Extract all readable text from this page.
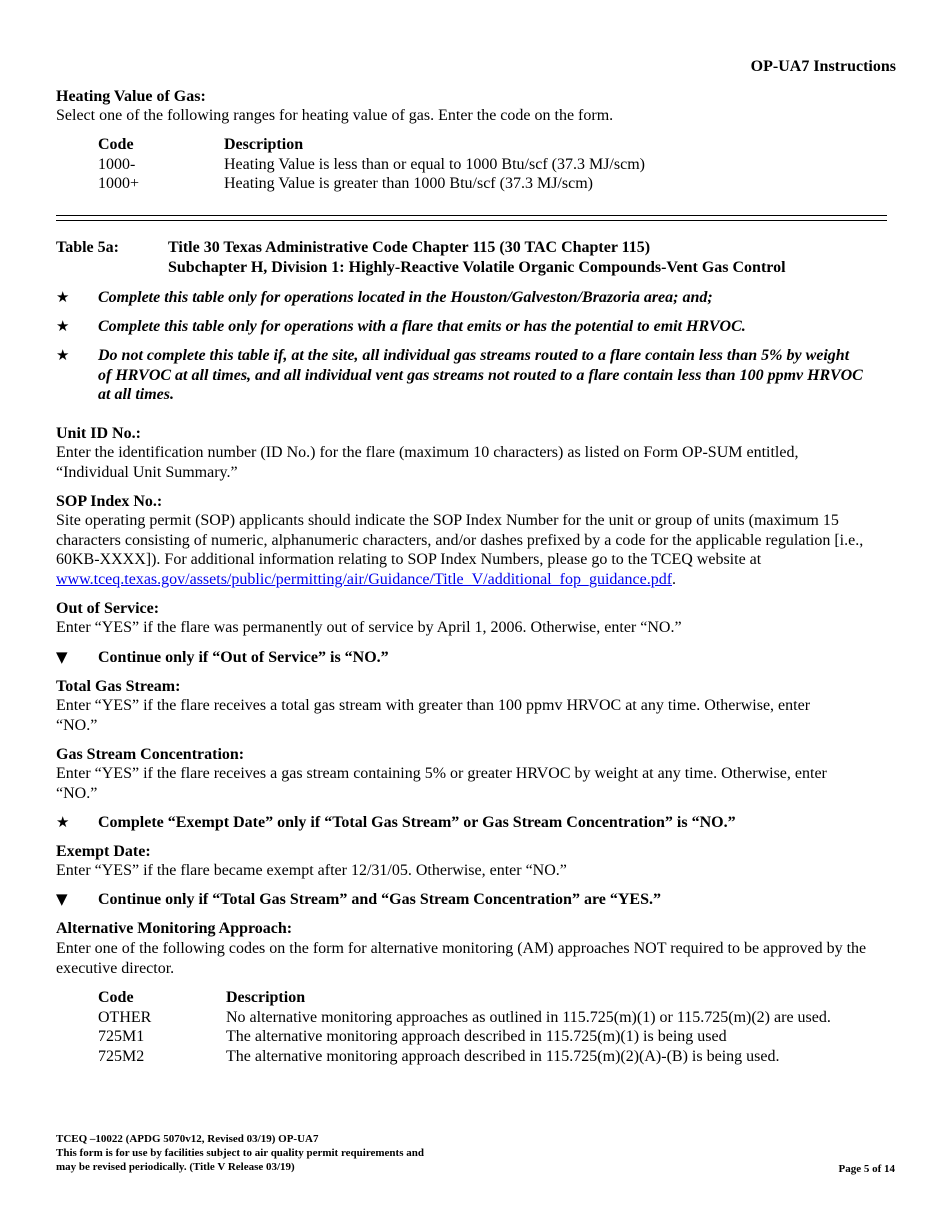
OP-UA7 Instructions
Heating Value of Gas:
Select one of the following ranges for heating value of gas. Enter the code on the form.
Code	Description
1000-	Heating Value is less than or equal to 1000 Btu/scf (37.3 MJ/scm)
1000+	Heating Value is greater than 1000 Btu/scf (37.3 MJ/scm)
Table 5a:	Title 30 Texas Administrative Code Chapter 115 (30 TAC Chapter 115)
Subchapter H, Division 1: Highly-Reactive Volatile Organic Compounds-Vent Gas Control
★	Complete this table only for operations located in the Houston/Galveston/Brazoria area; and;
★	Complete this table only for operations with a flare that emits or has the potential to emit HRVOC.
★	Do not complete this table if, at the site, all individual gas streams routed to a flare contain less than 5% by weight of HRVOC at all times, and all individual vent gas streams not routed to a flare contain less than 100 ppmv HRVOC at all times.
Unit ID No.:
Enter the identification number (ID No.) for the flare (maximum 10 characters) as listed on Form OP-SUM entitled, “Individual Unit Summary.”
SOP Index No.:
Site operating permit (SOP) applicants should indicate the SOP Index Number for the unit or group of units (maximum 15 characters consisting of numeric, alphanumeric characters, and/or dashes prefixed by a code for the applicable regulation [i.e., 60KB-XXXX]). For additional information relating to SOP Index Numbers, please go to the TCEQ website at www.tceq.texas.gov/assets/public/permitting/air/Guidance/Title_V/additional_fop_guidance.pdf.
Out of Service:
Enter “YES” if the flare was permanently out of service by April 1, 2006. Otherwise, enter “NO.”
▼	Continue only if “Out of Service” is “NO.”
Total Gas Stream:
Enter “YES” if the flare receives a total gas stream with greater than 100 ppmv HRVOC at any time. Otherwise, enter “NO.”
Gas Stream Concentration:
Enter “YES” if the flare receives a gas stream containing 5% or greater HRVOC by weight at any time. Otherwise, enter “NO.”
★	Complete “Exempt Date” only if “Total Gas Stream” or Gas Stream Concentration” is “NO.”
Exempt Date:
Enter “YES” if the flare became exempt after 12/31/05. Otherwise, enter “NO.”
▼	Continue only if “Total Gas Stream” and “Gas Stream Concentration” are “YES.”
Alternative Monitoring Approach:
Enter one of the following codes on the form for alternative monitoring (AM) approaches NOT required to be approved by the executive director.
Code	Description
OTHER	No alternative monitoring approaches as outlined in 115.725(m)(1) or 115.725(m)(2) are used.
725M1	The alternative monitoring approach described in 115.725(m)(1) is being used
725M2	The alternative monitoring approach described in 115.725(m)(2)(A)-(B) is being used.
TCEQ –10022 (APDG 5070v12, Revised 03/19) OP-UA7
This form is for use by facilities subject to air quality permit requirements and
may be revised periodically. (Title V Release 03/19)	Page 5 of 14
